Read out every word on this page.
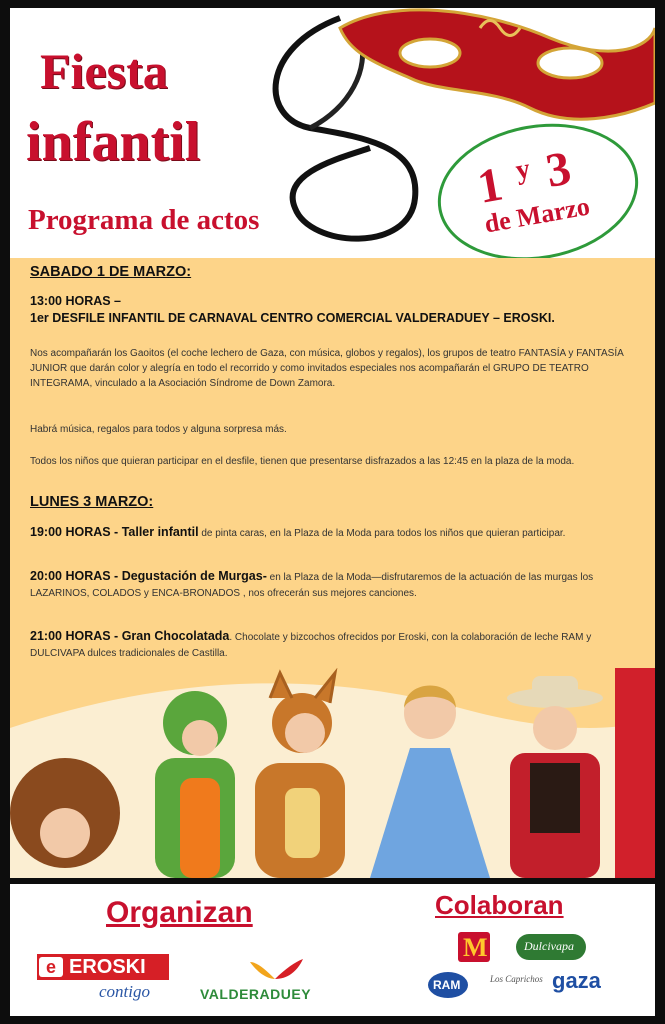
Fiesta

infantil

Programa de actos
1 y 3
de Marzo

SABADO 1 DE MARZO:

13:00 HORAS –

1er DESFILE INFANTIL DE CARNAVAL CENTRO COMERCIAL VALDERADUEY – EROSKI.

Nos acompañarán los Gaoitos (el coche lechero de Gaza, con música, globos y regalos), los grupos de teatro FANTASÍA y FANTASÍA JUNIOR que darán color y alegría en todo el recorrido y como invitados especiales nos acompañarán el GRUPO DE TEATRO INTEGRAMA, vinculado a la Asociación Síndrome de Down Zamora.

Habrá música, regalos para todos y alguna sorpresa más.

Todos los niños que quieran participar en el desfile, tienen que presentarse disfrazados a las 12:45 en la plaza de la moda.

LUNES 3 MARZO:

19:00 HORAS - Taller infantil de pinta caras, en la Plaza de la Moda para todos los niños que quieran participar.

20:00 HORAS - Degustación de Murgas- en la Plaza de la Moda—disfrutaremos de la actuación de las murgas los LAZARINOS, COLADOS y ENCA-BRONADOS , nos ofrecerán sus mejores canciones.

21:00 HORAS - Gran Chocolatada. Chocolate y bizcochos ofrecidos por Eroski, con la colaboración de leche RAM y DULCIVAPA dulces tradicionales de Castilla.

Organizan	Colaboran

e EROSKI
contigo	VALDERADUEY
M	Dulcivapa
RAM	Los Caprichos gaza
